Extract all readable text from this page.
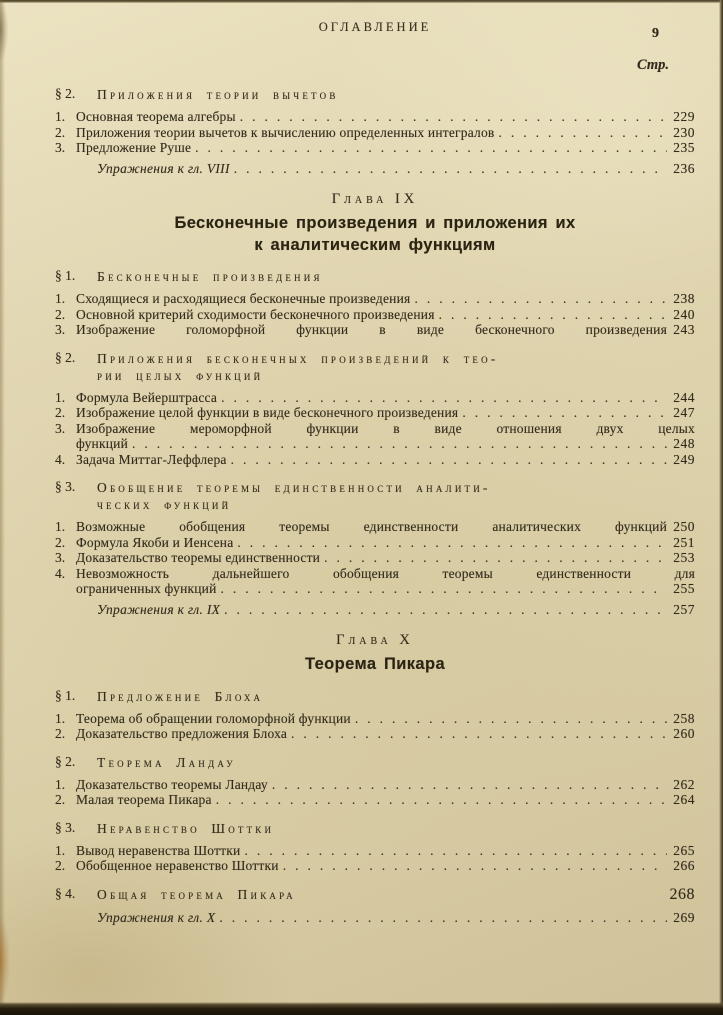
ОГЛАВЛЕНИЕ	9
Стр.
§ 2.	Приложения теории вычетов
1. Основная теорема алгебры .....	229
2. Приложения теории вычетов к вычислению определенных интегралов .....	230
3. Предложение Руше .....	235
Упражнения к гл. VIII .....	236
Глава IX
Бесконечные произведения и приложения их
к аналитическим функциям
§ 1.	Бесконечные произведения
1. Сходящиеся и расходящиеся бесконечные произведения .....	238
2. Основной критерий сходимости бесконечного произведения .....	240
3. Изображение голоморфной функции в виде бесконечного произведения 243
§ 2.	Приложения бесконечных произведений к тео-
рии целых функций
1. Формула Вейерштрасса .....	244
2. Изображение целой функции в виде бесконечного произведения .....	247
3. Изображение мероморфной функции в виде отношения двух целых
функций .....	248
4. Задача Миттаг-Леффлера .....	249
§ 3.	Обобщение теоремы единственности аналити-
ческих функций
1. Возможные обобщения теоремы единственности аналитических функций 250
2. Формула Якоби и Иенсена .....	251
3. Доказательство теоремы единственности .....	253
4. Невозможность дальнейшего обобщения теоремы единственности для
ограниченных функций .....	255
Упражнения к гл. IX .....	257
Глава X
Теорема Пикара
§ 1.	Предложение Блоха
1. Теорема об обращении голоморфной функции .....	258
2. Доказательство предложения Блоха .....	260
§ 2.	Теорема Ландау
1. Доказательство теоремы Ландау .....	262
2. Малая теорема Пикара .....	264
§ 3.	Неравенство Шоттки
1. Вывод неравенства Шоттки .....	265
2. Обобщенное неравенство Шоттки .....	266
§ 4.	Общая теорема Пикара	268
Упражнения к гл. X .....	269
